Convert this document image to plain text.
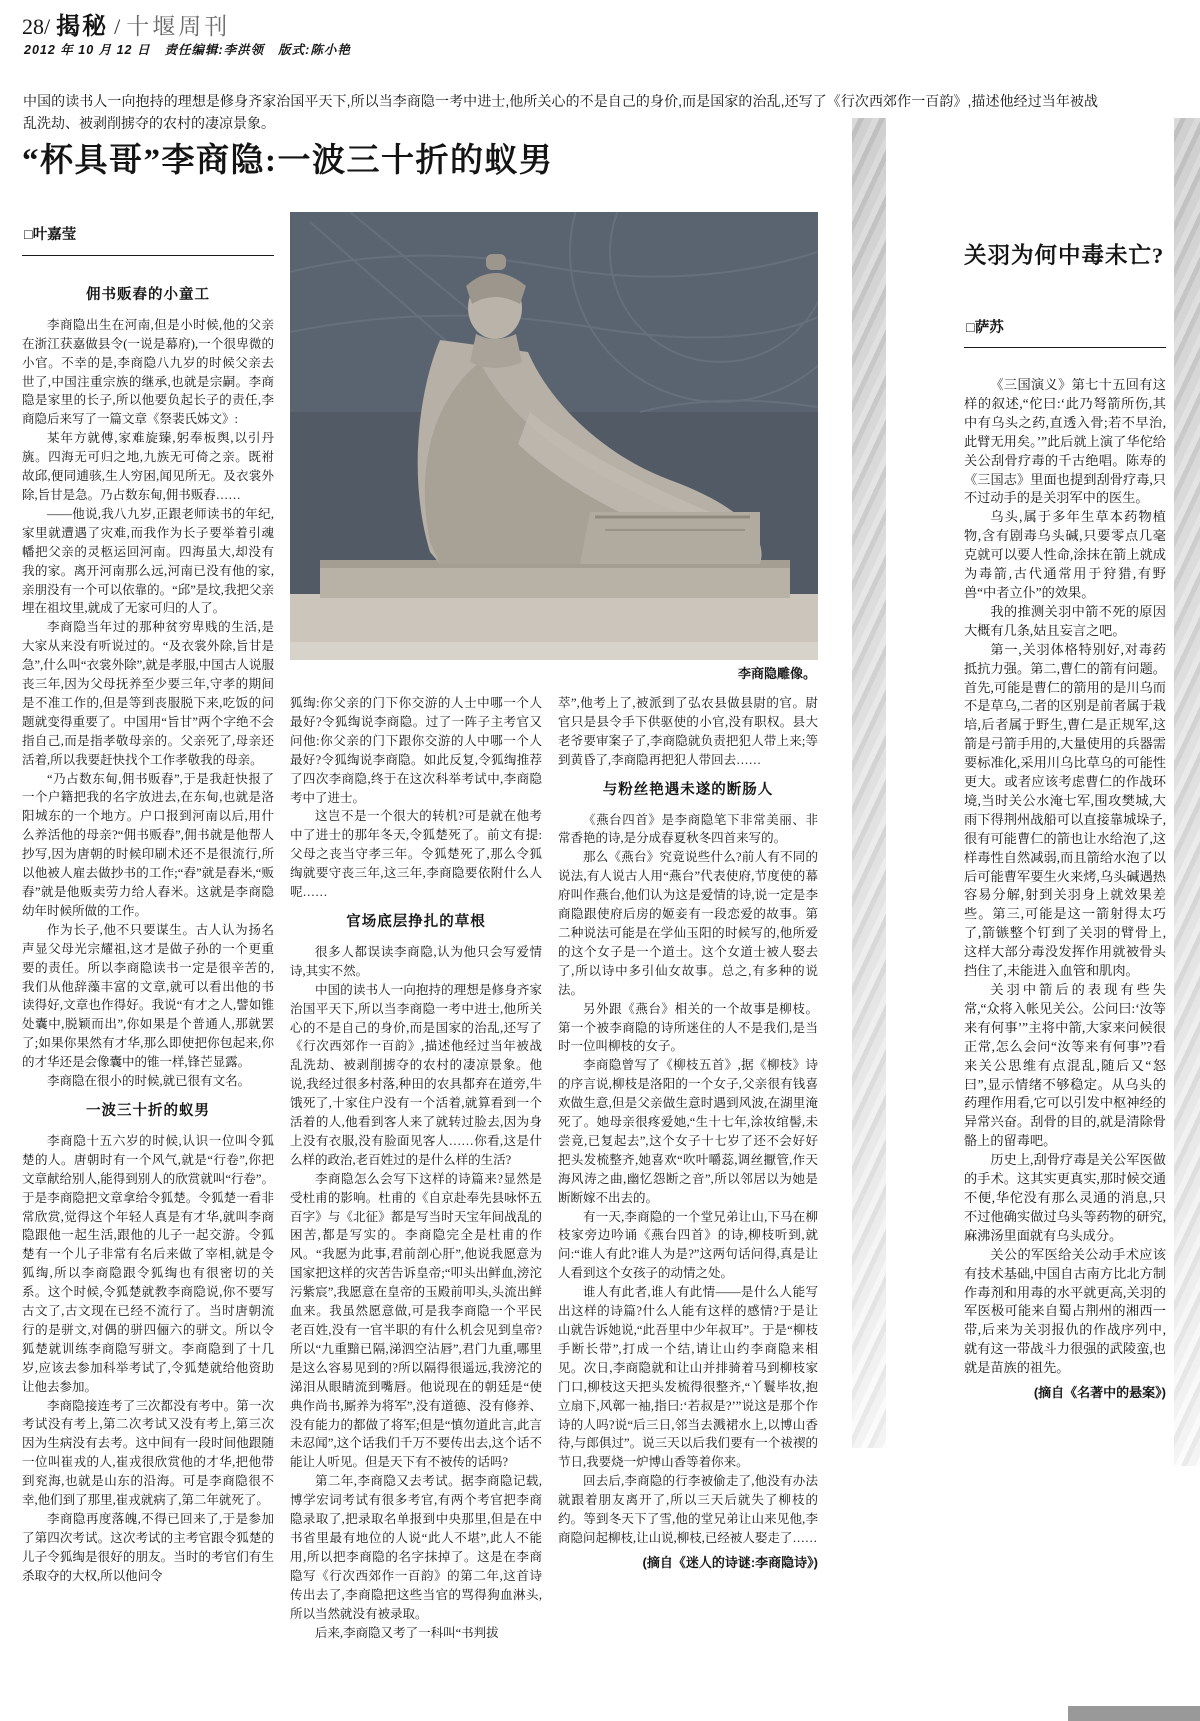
28/ 揭秘 / 十堰周刊
2012 年 10 月 12 日 责任编辑:李洪领 版式:陈小艳
中国的读书人一向抱持的理想是修身齐家治国平天下,所以当李商隐一考中进士,他所关心的不是自己的身价,而是国家的治乱,还写了《行次西郊作一百韵》,描述他经过当年被战乱洗劫、被剥削掳夺的农村的凄凉景象。
“杯具哥”李商隐:一波三十折的蚁男
李商隐雕像。
□叶嘉莹
佣书贩舂的小童工
李商隐出生在河南,但是小时候,他的父亲在浙江获嘉做县令(一说是幕府),一个很卑微的小官。不幸的是,李商隐八九岁的时候父亲去世了,中国注重宗族的继承,也就是宗嗣。李商隐是家里的长子,所以他要负起长子的责任,李商隐后来写了一篇文章《祭裴氏姊文》:
某年方就傅,家难旋臻,躬奉板舆,以引丹旐。四海无可归之地,九族无可倚之亲。既祔故邱,便同逋骇,生人穷困,闻见所无。及衣裳外除,旨甘是急。乃占数东甸,佣书贩舂……
——他说,我八九岁,正跟老师读书的年纪,家里就遭遇了灾难,而我作为长子要举着引魂幡把父亲的灵柩运回河南。四海虽大,却没有我的家。离开河南那么远,河南已没有他的家,亲朋没有一个可以依靠的。“邱”是坟,我把父亲埋在祖坟里,就成了无家可归的人了。
李商隐当年过的那种贫穷卑贱的生活,是大家从来没有听说过的。“及衣裳外除,旨甘是急”,什么叫“衣裳外除”,就是孝服,中国古人说服丧三年,因为父母抚养至少要三年,守孝的期间是不准工作的,但是等到丧服脱下来,吃饭的问题就变得重要了。中国用“旨甘”两个字绝不会指自己,而是指孝敬母亲的。父亲死了,母亲还活着,所以我要赶快找个工作孝敬我的母亲。
“乃占数东甸,佣书贩舂”,于是我赶快报了一个户籍把我的名字放进去,在东甸,也就是洛阳城东的一个地方。户口报到河南以后,用什么养活他的母亲?“佣书贩舂”,佣书就是他帮人抄写,因为唐朝的时候印刷术还不是很流行,所以他被人雇去做抄书的工作;“舂”就是舂米,“贩舂”就是他贩卖劳力给人舂米。这就是李商隐幼年时候所做的工作。
作为长子,他不只要谋生。古人认为扬名声显父母光宗耀祖,这才是做子孙的一个更重要的责任。所以李商隐读书一定是很辛苦的,我们从他辞藻丰富的文章,就可以看出他的书读得好,文章也作得好。我说“有才之人,譬如锥处囊中,脱颖而出”,你如果是个普通人,那就罢了;如果你果然有才华,那么即使把你包起来,你的才华还是会像囊中的锥一样,锋芒显露。
李商隐在很小的时候,就已很有文名。
一波三十折的蚁男
李商隐十五六岁的时候,认识一位叫令狐楚的人。唐朝时有一个风气,就是“行卷”,你把文章献给别人,能得到别人的欣赏就叫“行卷”。于是李商隐把文章拿给令狐楚。令狐楚一看非常欣赏,觉得这个年轻人真是有才华,就叫李商隐跟他一起生活,跟他的儿子一起交游。令狐楚有一个儿子非常有名后来做了宰相,就是令狐绹,所以李商隐跟令狐绹也有很密切的关系。这个时候,令狐楚就教李商隐说,你不要写古文了,古文现在已经不流行了。当时唐朝流行的是骈文,对偶的骈四俪六的骈文。所以令狐楚就训练李商隐写骈文。李商隐到了十几岁,应该去参加科举考试了,令狐楚就给他资助让他去参加。
李商隐接连考了三次都没有考中。第一次考试没有考上,第二次考试又没有考上,第三次因为生病没有去考。这中间有一段时间他跟随一位叫崔戎的人,崔戎很欣赏他的才华,把他带到兖海,也就是山东的沿海。可是李商隐很不幸,他们到了那里,崔戎就病了,第二年就死了。
李商隐再度落魄,不得已回来了,于是参加了第四次考试。这次考试的主考官跟令狐楚的儿子令狐绹是很好的朋友。当时的考官们有生杀取夺的大权,所以他问令
狐绹:你父亲的门下你交游的人士中哪一个人最好?令狐绹说李商隐。过了一阵子主考官又问他:你父亲的门下跟你交游的人中哪一个人最好?令狐绹说李商隐。如此反复,令狐绹推荐了四次李商隐,终于在这次科举考试中,李商隐考中了进士。
这岂不是一个很大的转机?可是就在他考中了进士的那年冬天,令狐楚死了。前文有提:父母之丧当守孝三年。令狐楚死了,那么令狐绹就要守丧三年,这三年,李商隐要依附什么人呢……
官场底层挣扎的草根
很多人都误读李商隐,认为他只会写爱情诗,其实不然。
中国的读书人一向抱持的理想是修身齐家治国平天下,所以当李商隐一考中进士,他所关心的不是自己的身价,而是国家的治乱,还写了《行次西郊作一百韵》,描述他经过当年被战乱洗劫、被剥削掳夺的农村的凄凉景象。他说,我经过很多村落,种田的农具都弃在道旁,牛饿死了,十家住户没有一个活着,就算看到一个活着的人,他看到客人来了就转过脸去,因为身上没有衣服,没有脸面见客人……你看,这是什么样的政治,老百姓过的是什么样的生活?
李商隐怎么会写下这样的诗篇来?显然是受杜甫的影响。杜甫的《自京赴奉先县咏怀五百字》与《北征》都是写当时天宝年间战乱的困苦,都是写实的。李商隐完全是杜甫的作风。“我愿为此事,君前剖心肝”,他说我愿意为国家把这样的灾苦告诉皇帝;“叩头出鲜血,滂沱污紫宸”,我愿意在皇帝的玉殿前叩头,头流出鲜血来。我虽然愿意做,可是我李商隐一个平民老百姓,没有一官半职的有什么机会见到皇帝?所以“九重黯已隔,涕泗空沾唇”,君门九重,哪里是这么容易见到的?所以隔得很遥远,我滂沱的涕泪从眼睛流到嘴唇。他说现在的朝廷是“使典作尚书,厮养为将军”,没有道德、没有修养、没有能力的都做了将军;但是“慎勿道此言,此言未忍闻”,这个话我们千万不要传出去,这个话不能让人听见。但是天下有不被传的话吗?
第二年,李商隐又去考试。据李商隐记载,博学宏词考试有很多考官,有两个考官把李商隐录取了,把录取名单报到中央那里,但是在中书省里最有地位的人说“此人不堪”,此人不能用,所以把李商隐的名字抹掉了。这是在李商隐写《行次西郊作一百韵》的第二年,这首诗传出去了,李商隐把这些当官的骂得狗血淋头,所以当然就没有被录取。
后来,李商隐又考了一科叫“书判拔
萃”,他考上了,被派到了弘农县做县尉的官。尉官只是县令手下供驱使的小官,没有职权。县大老爷要审案子了,李商隐就负责把犯人带上来;等到黄昏了,李商隐再把犯人带回去……
与粉丝艳遇未遂的断肠人
《燕台四首》是李商隐笔下非常美丽、非常香艳的诗,是分成春夏秋冬四首来写的。
那么《燕台》究竟说些什么?前人有不同的说法,有人说古人用“燕台”代表使府,节度使的幕府叫作燕台,他们认为这是爱情的诗,说一定是李商隐跟使府后房的姬妾有一段恋爱的故事。第二种说法可能是在学仙玉阳的时候写的,他所爱的这个女子是一个道士。这个女道士被人娶去了,所以诗中多引仙女故事。总之,有多种的说法。
另外跟《燕台》相关的一个故事是柳枝。第一个被李商隐的诗所迷住的人不是我们,是当时一位叫柳枝的女子。
李商隐曾写了《柳枝五首》,据《柳枝》诗的序言说,柳枝是洛阳的一个女子,父亲很有钱喜欢做生意,但是父亲做生意时遇到风波,在湖里淹死了。她母亲很疼爱她,“生十七年,涂妆绾髻,未尝竟,已复起去”,这个女子十七岁了还不会好好把头发梳整齐,她喜欢“吹叶嚼蕊,调丝擫管,作天海风涛之曲,幽忆怨断之音”,所以邻居以为她是断断嫁不出去的。
有一天,李商隐的一个堂兄弟让山,下马在柳枝家旁边吟诵《燕台四首》的诗,柳枝听到,就问:“谁人有此?谁人为是?”这两句话问得,真是让人看到这个女孩子的动情之处。
谁人有此者,谁人有此情——是什么人能写出这样的诗篇?什么人能有这样的感情?于是让山就告诉她说,“此吾里中少年叔耳”。于是“柳枝手断长带”,打成一个结,请让山约李商隐来相见。次日,李商隐就和让山并排骑着马到柳枝家门口,柳枝这天把头发梳得很整齐,“丫鬟毕妆,抱立扇下,风鄣一袖,指曰:‘若叔是?’”说这是那个作诗的人吗?说“后三日,邻当去溅裙水上,以博山香待,与郎俱过”。说三天以后我们要有一个祓禊的节日,我要烧一炉博山香等着你来。
回去后,李商隐的行李被偷走了,他没有办法就跟着朋友离开了,所以三天后就失了柳枝的约。等到冬天下了雪,他的堂兄弟让山来见他,李商隐问起柳枝,让山说,柳枝,已经被人娶走了……
(摘自《迷人的诗谜:李商隐诗》)
关羽为何中毒未亡?
□萨苏
《三国演义》第七十五回有这样的叙述,“佗曰:‘此乃弩箭所伤,其中有乌头之药,直透入骨;若不早治,此臂无用矣。’”此后就上演了华佗给关公刮骨疗毒的千古绝唱。陈寿的《三国志》里面也提到刮骨疗毒,只不过动手的是关羽军中的医生。
乌头,属于多年生草本药物植物,含有剧毒乌头碱,只要零点几毫克就可以要人性命,涂抹在箭上就成为毒箭,古代通常用于狩猎,有野兽“中者立仆”的效果。
我的推测关羽中箭不死的原因大概有几条,姑且妄言之吧。
第一,关羽体格特别好,对毒药抵抗力强。第二,曹仁的箭有问题。首先,可能是曹仁的箭用的是川乌而不是草乌,二者的区别是前者属于栽培,后者属于野生,曹仁是正规军,这箭是弓箭手用的,大量使用的兵器需要标准化,采用川乌比草乌的可能性更大。或者应该考虑曹仁的作战环境,当时关公水淹七军,围攻樊城,大雨下得荆州战船可以直接靠城垛子,很有可能曹仁的箭也让水给泡了,这样毒性自然减弱,而且箭给水泡了以后可能曹军要生火来烤,乌头碱遇热容易分解,射到关羽身上就效果差些。第三,可能是这一箭射得太巧了,箭镞整个钉到了关羽的臂骨上,这样大部分毒没发挥作用就被骨头挡住了,未能进入血管和肌肉。
关羽中箭后的表现有些失常,“众将入帐见关公。公问曰:‘汝等来有何事’”主将中箭,大家来问候很正常,怎么会问“汝等来有何事”?看来关公思维有点混乱,随后又“怒曰”,显示情绪不够稳定。从乌头的药理作用看,它可以引发中枢神经的异常兴奋。刮骨的目的,就是清除骨骼上的留毒吧。
历史上,刮骨疗毒是关公军医做的手术。这其实更真实,那时候交通不便,华佗没有那么灵通的消息,只不过他确实做过乌头等药物的研究,麻沸汤里面就有乌头成分。
关公的军医给关公动手术应该有技术基础,中国自古南方比北方制作毒剂和用毒的水平就更高,关羽的军医极可能来自蜀占荆州的湘西一带,后来为关羽报仇的作战序列中,就有这一带战斗力很强的武陵蛮,也就是苗族的祖先。
(摘自《名著中的悬案》)
